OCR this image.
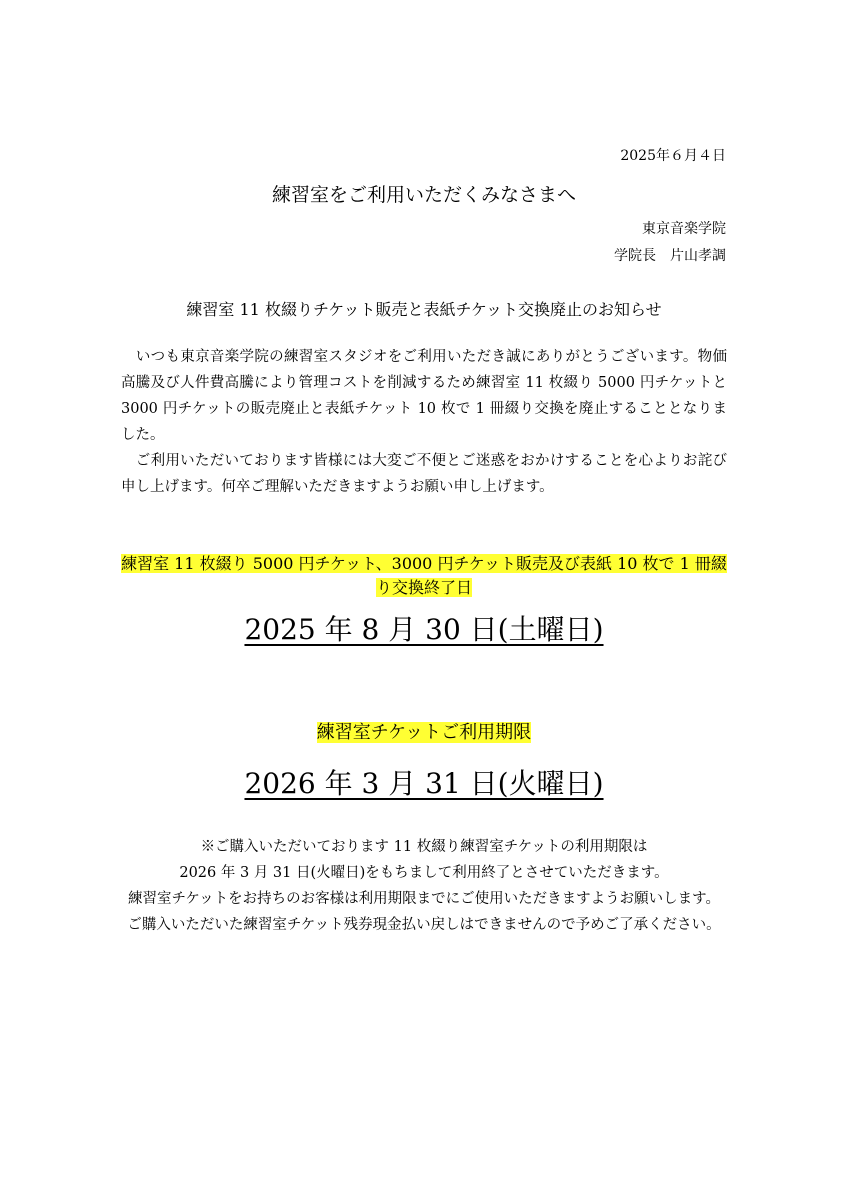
2025年６月４日
練習室をご利用いただくみなさまへ
東京音楽学院
学院長　片山孝調
練習室 11 枚綴りチケット販売と表紙チケット交換廃止のお知らせ

　いつも東京音楽学院の練習室スタジオをご利用いただき誠にありがとうございます。物価高騰及び人件費高騰により管理コストを削減するため練習室 11 枚綴り 5000 円チケットと 3000 円チケットの販売廃止と表紙チケット 10 枚で 1 冊綴り交換を廃止することとなりました。

　ご利用いただいております皆様には大変ご不便とご迷惑をおかけすることを心よりお詫び申し上げます。何卒ご理解いただきますようお願い申し上げます。

練習室 11 枚綴り 5000 円チケット、3000 円チケット販売及び表紙 10 枚で 1 冊綴り交換終了日
2025 年 8 月 30 日(土曜日)
練習室チケットご利用期限
2026 年 3 月 31 日(火曜日)

※ご購入いただいております 11 枚綴り練習室チケットの利用期限は

2026 年 3 月 31 日(火曜日)をもちまして利用終了とさせていただきます。

練習室チケットをお持ちのお客様は利用期限までにご使用いただきますようお願いします。ご購入いただいた練習室チケット残券現金払い戻しはできませんので予めご了承ください。
